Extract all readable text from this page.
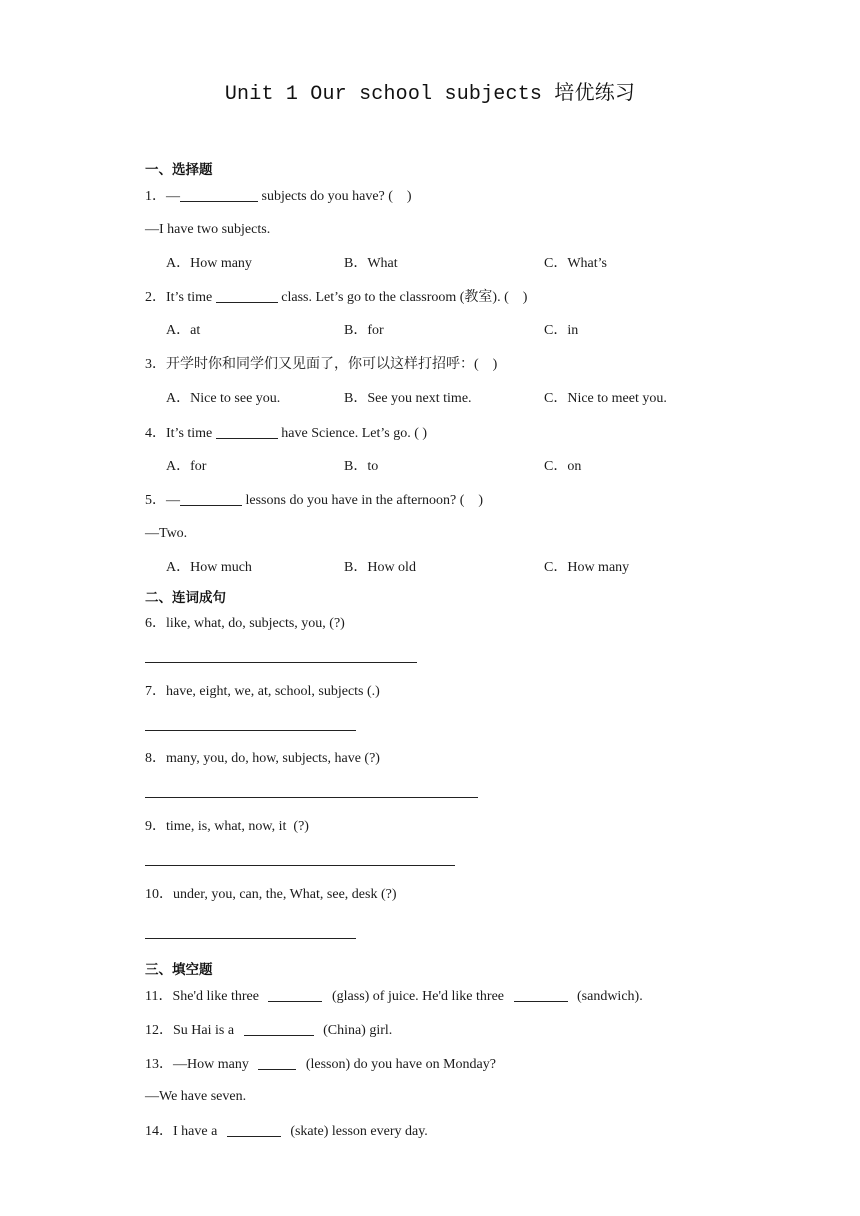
Unit 1 Our school subjects 培优练习
一、选择题
1．—	subjects do you have? (    )
—I have two subjects.
A．How many	B．What	C．What’s
2．It’s time	class. Let’s go to the classroom (教室). (    )
A．at	B．for	C．in
3．开学时你和同学们又见面了，你可以这样打招呼：(    )
A．Nice to see you.	B．See you next time.	C．Nice to meet you.
4．It’s time	have Science. Let’s go. ( )
A．for	B．to	C．on
5．—	lessons do you have in the afternoon? (    )
—Two.
A．How much	B．How old	C．How many
二、连词成句
6．like, what, do, subjects, you, (?)
7．have, eight, we, at, school, subjects (.)
8．many, you, do, how, subjects, have (?)
9．time, is, what, now, it  (?)
10．under, you, can, the, What, see, desk (?)
三、填空题
11．She'd like three	(glass) of juice. He'd like three	(sandwich).
12．Su Hai is a	(China) girl.
13．—How many	(lesson) do you have on Monday?
—We have seven.
14．I have a	(skate) lesson every day.
